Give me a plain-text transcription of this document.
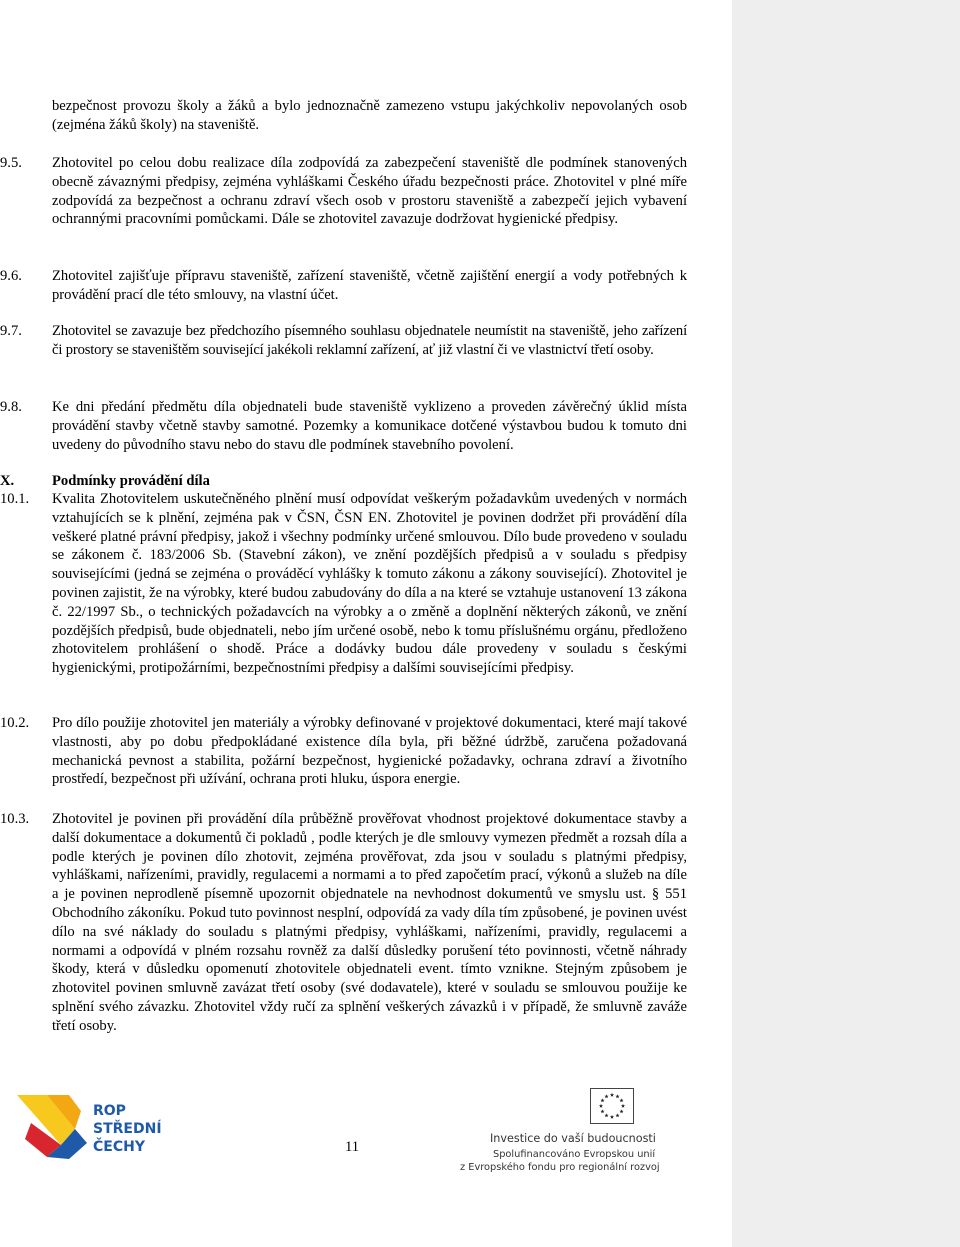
bezpečnost provozu školy a žáků a bylo jednoznačně zamezeno vstupu jakýchkoliv nepovolaných osob (zejména žáků školy) na staveniště.
9.5.	Zhotovitel po celou dobu realizace díla zodpovídá za zabezpečení staveniště dle podmínek stanovených obecně závaznými předpisy, zejména vyhláškami Českého úřadu bezpečnosti práce. Zhotovitel v plné míře zodpovídá za bezpečnost a ochranu zdraví všech osob v prostoru staveniště a zabezpečí jejich vybavení ochrannými pracovními pomůckami. Dále se zhotovitel zavazuje dodržovat hygienické předpisy.
9.6.	Zhotovitel zajišťuje přípravu staveniště, zařízení staveniště, včetně zajištění energií a vody potřebných k provádění prací dle této smlouvy, na vlastní účet.
9.7.	Zhotovitel se zavazuje bez předchozího písemného souhlasu objednatele neumístit na staveniště, jeho zařízení či prostory se staveništěm související jakékoli reklamní zařízení, ať již vlastní či ve vlastnictví třetí osoby.
9.8.	Ke dni předání předmětu díla objednateli bude staveniště vyklizeno a proveden závěrečný úklid místa provádění stavby včetně stavby samotné. Pozemky a komunikace dotčené výstavbou budou k tomuto dni uvedeny do původního stavu nebo do stavu dle podmínek stavebního povolení.
X.	Podmínky provádění díla
10.1.	Kvalita Zhotovitelem uskutečněného plnění musí odpovídat veškerým požadavkům uvedených v normách vztahujících se k plnění, zejména pak v ČSN, ČSN EN. Zhotovitel je povinen dodržet při provádění díla veškeré platné právní předpisy, jakož i všechny podmínky určené smlouvou. Dílo bude provedeno v souladu se zákonem č. 183/2006 Sb. (Stavební zákon), ve znění pozdějších předpisů a v souladu s předpisy souvisejícími (jedná se zejména o prováděcí vyhlášky k tomuto zákonu a zákony související). Zhotovitel je povinen zajistit, že na výrobky, které budou zabudovány do díla a na které se vztahuje ustanovení 13 zákona č. 22/1997 Sb., o technických požadavcích na výrobky a o změně a doplnění některých zákonů, ve znění pozdějších předpisů, bude objednateli, nebo jím určené osobě, nebo k tomu příslušnému orgánu, předloženo zhotovitelem prohlášení o shodě. Práce a dodávky budou dále provedeny v souladu s českými hygienickými, protipožárními, bezpečnostními předpisy a dalšími souvisejícími předpisy.
10.2.	Pro dílo použije zhotovitel jen materiály a výrobky definované v projektové dokumentaci, které mají takové vlastnosti, aby po dobu předpokládané existence díla byla, při běžné údržbě, zaručena požadovaná mechanická pevnost a stabilita, požární bezpečnost, hygienické požadavky, ochrana zdraví a životního prostředí, bezpečnost při užívání, ochrana proti hluku, úspora energie.
10.3.	Zhotovitel je povinen při provádění díla průběžně prověřovat vhodnost projektové dokumentace stavby a další dokumentace a dokumentů či pokladů , podle kterých je dle smlouvy vymezen předmět a rozsah díla a podle kterých je povinen dílo zhotovit, zejména prověřovat, zda jsou v souladu s platnými předpisy, vyhláškami, nařízeními, pravidly, regulacemi a normami a to před započetím prací, výkonů a služeb na díle a je povinen neprodleně písemně upozornit objednatele na nevhodnost dokumentů ve smyslu ust. § 551 Obchodního zákoníku. Pokud tuto povinnost nesplní, odpovídá za vady díla tím způsobené, je povinen uvést dílo na své náklady do souladu s platnými předpisy, vyhláškami, nařízeními, pravidly, regulacemi a normami a odpovídá v plném rozsahu rovněž za další důsledky porušení této povinnosti, včetně náhrady škody, která v důsledku opomenutí zhotovitele objednateli event. tímto vznikne. Stejným způsobem je zhotovitel povinen smluvně zavázat třetí osoby (své dodavatele), které v souladu se smlouvou použije ke splnění svého závazku. Zhotovitel vždy ručí za splnění veškerých závazků i v případě, že smluvně zaváže třetí osoby.
ROP
STŘEDNÍ
ČECHY	11
Investice do vaší budoucnosti
Spolufinancováno Evropskou unií
z Evropského fondu pro regionální rozvoj
